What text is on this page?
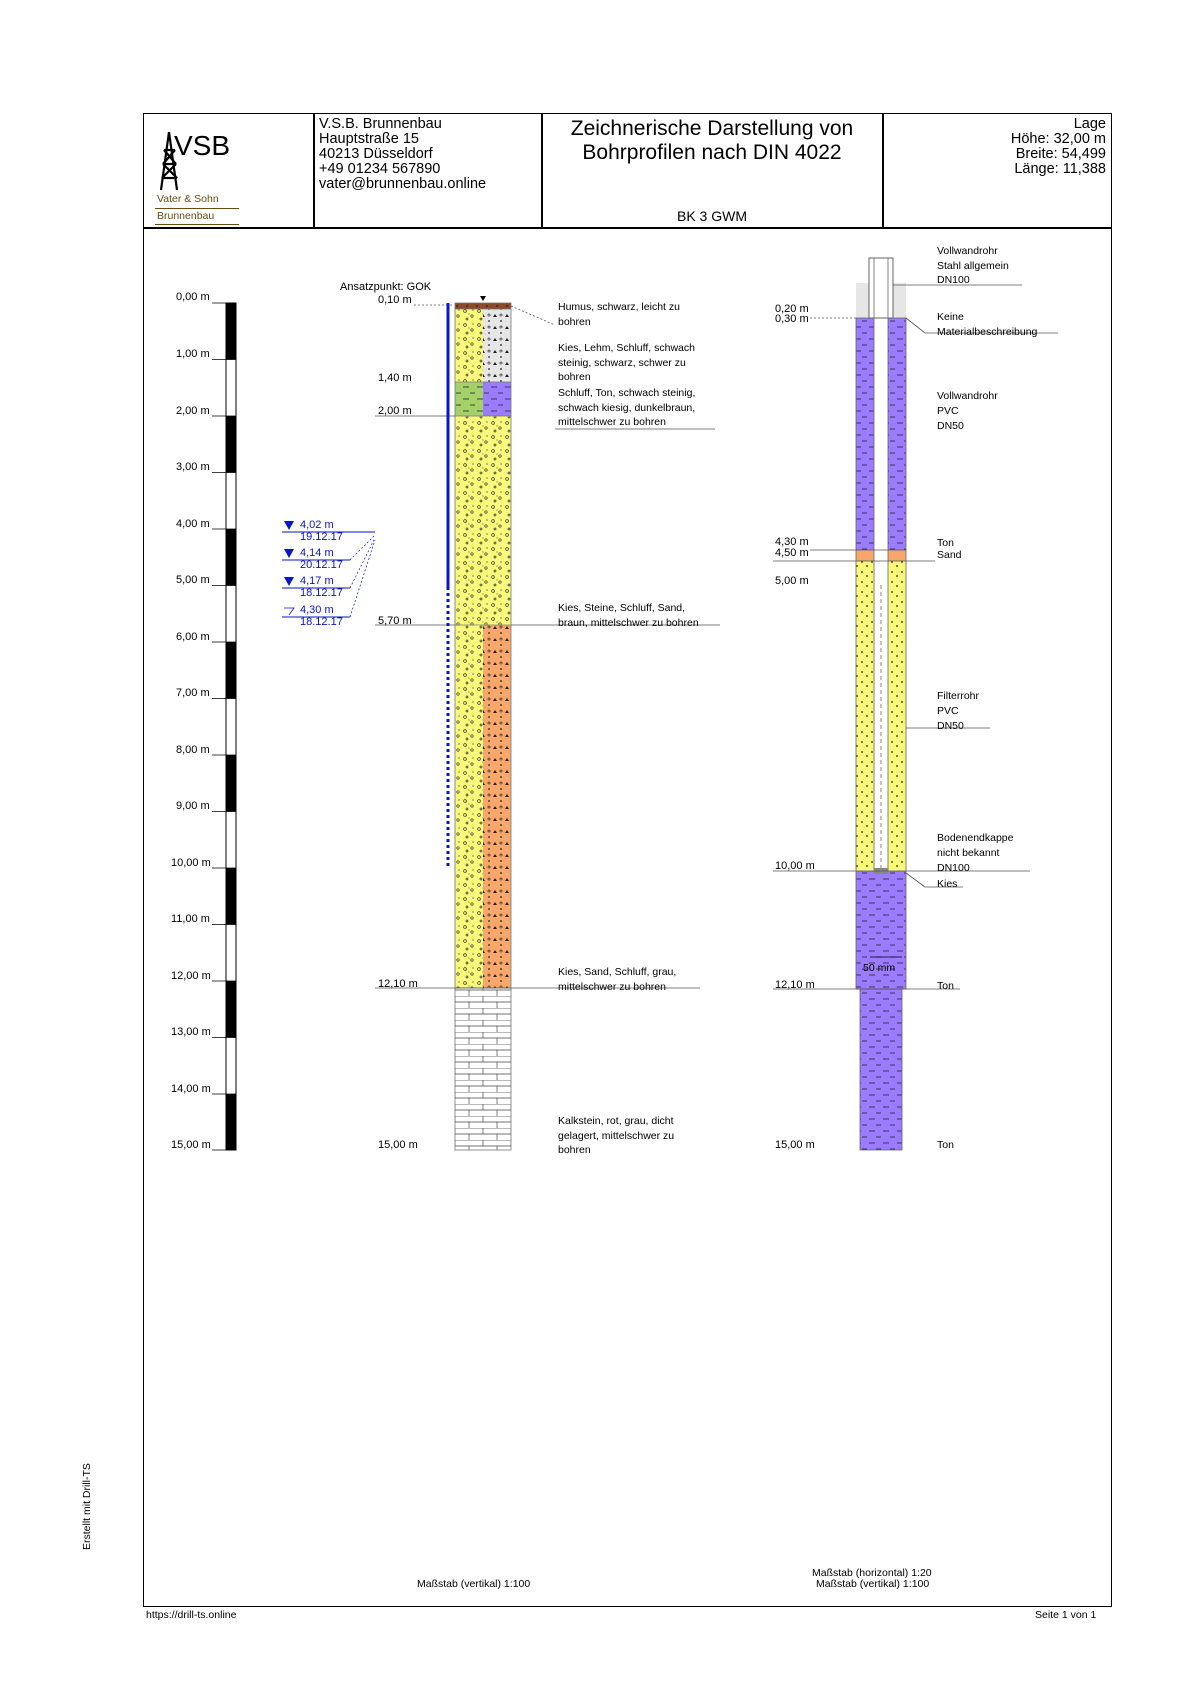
VSB
Vater & Sohn
Brunnenbau
V.S.B. Brunnenbau
Hauptstraße 15
40213 Düsseldorf
+49 01234 567890
vater@brunnenbau.online
Zeichnerische Darstellung von
Bohrprofilen nach DIN 4022
BK 3 GWM
Lage
Höhe: 32,00 m
Breite: 54,499
Länge: 11,388
0,00 m
1,00 m
2,00 m
3,00 m
4,00 m
5,00 m
6,00 m
7,00 m
8,00 m
9,00 m
10,00 m
11,00 m
12,00 m
13,00 m
14,00 m
15,00 m
Ansatzpunkt: GOK
0,10 m
1,40 m
2,00 m
5,70 m
12,10 m
15,00 m
Humus, schwarz, leicht zu
bohren
Kies, Lehm, Schluff, schwach
steinig, schwarz, schwer zu
bohren
Schluff, Ton, schwach steinig,
schwach kiesig, dunkelbraun,
mittelschwer zu bohren
Kies, Steine, Schluff, Sand,
braun, mittelschwer zu bohren
Kies, Sand, Schluff, grau,
mittelschwer zu bohren
Kalkstein, rot, grau, dicht
gelagert, mittelschwer zu
bohren
4,02 m
19.12.17
4,14 m
20.12.17
4,17 m
18.12.17
4,30 m
18.12.17
0,20 m
0,30 m
4,30 m
4,50 m
5,00 m
10,00 m
12,10 m
15,00 m
Vollwandrohr
Stahl allgemein
DN100
Keine
Materialbeschreibung
Vollwandrohr
PVC
DN50
Ton
Sand
Filterrohr
PVC
DN50
Bodenendkappe
nicht bekannt
DN100
Kies
Ton
Ton
50 mm
Maßstab (vertikal) 1:100
Maßstab (horizontal) 1:20
Maßstab (vertikal) 1:100
https://drill-ts.online	Seite 1 von 1
Erstellt mit Drill-TS
